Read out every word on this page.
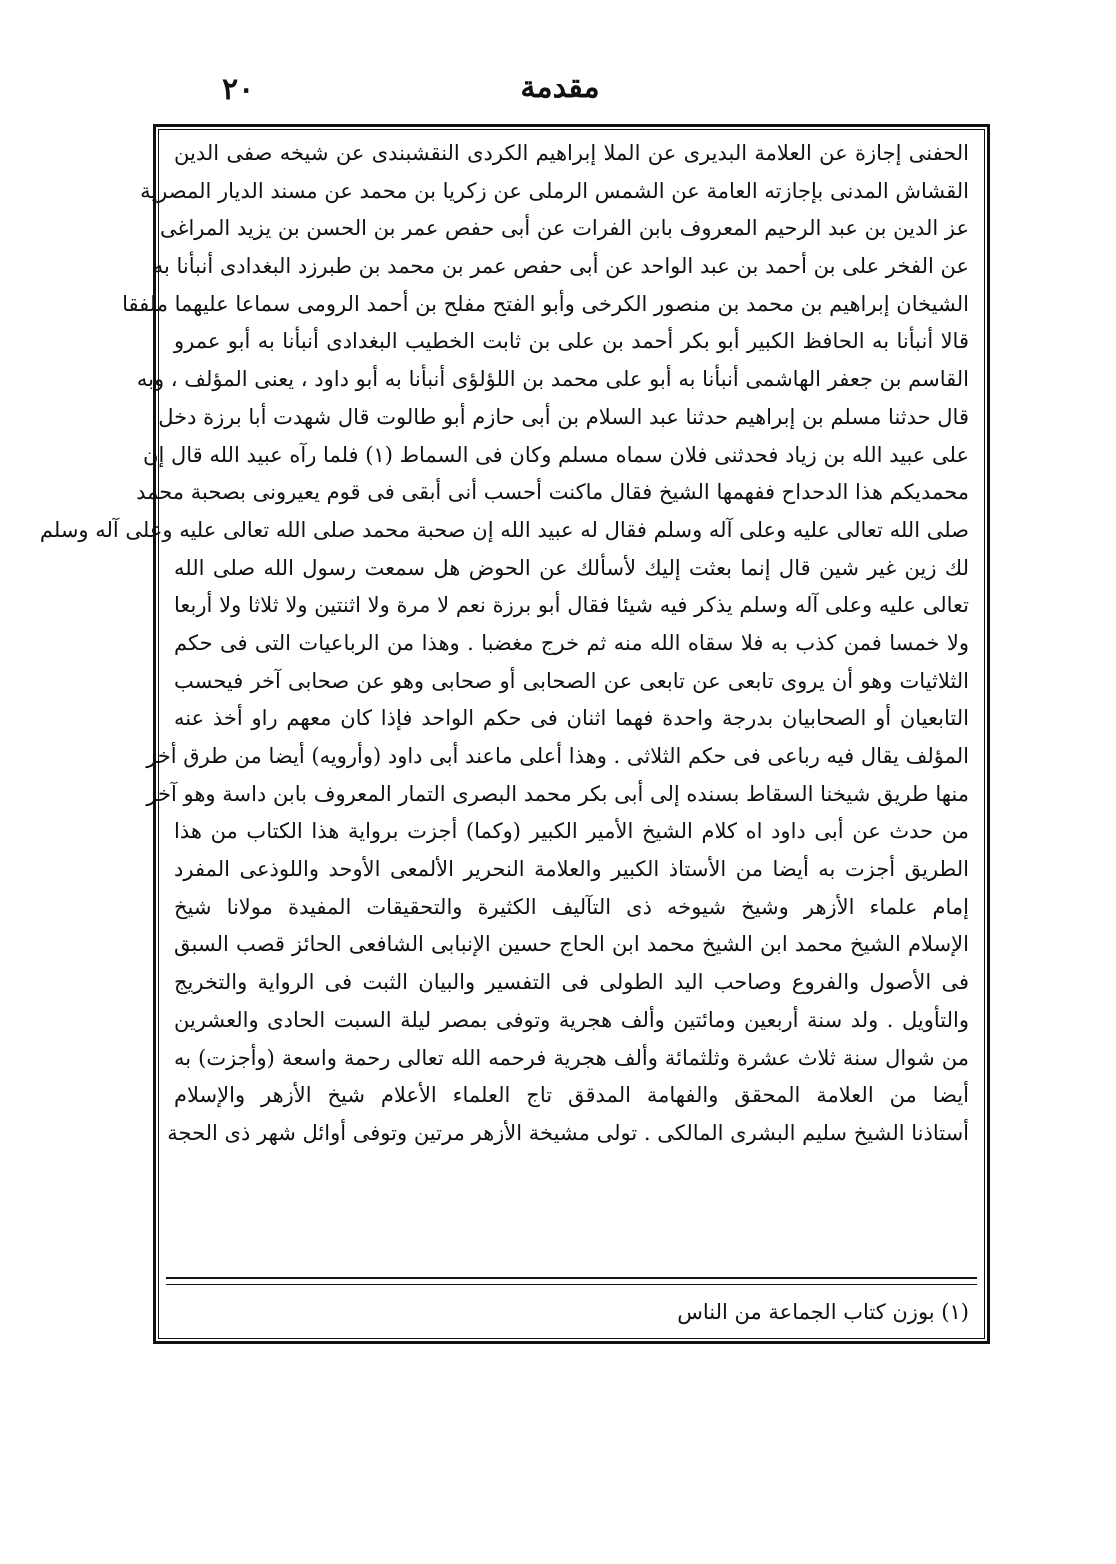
٢٠	مقدمة
الحفنى إجازة عن العلامة البديرى عن الملا إبراهيم الكردى النقشبندى عن شيخه صفى الدين
القشاش المدنى بإجازته العامة عن الشمس الرملى عن زكريا بن محمد عن مسند الديار المصرية
عز الدين بن عبد الرحيم المعروف بابن الفرات عن أبى حفص عمر بن الحسن بن يزيد المراغى
عن الفخر على بن أحمد بن عبد الواحد عن أبى حفص عمر بن محمد بن طبرزد البغدادى أنبأنا به
الشيخان إبراهيم بن محمد بن منصور الكرخى وأبو الفتح مفلح بن أحمد الرومى سماعا عليهما ملفقا
قالا أنبأنا به الحافظ الكبير أبو بكر أحمد بن على بن ثابت الخطيب البغدادى أنبأنا به أبو عمرو
القاسم بن جعفر الهاشمى أنبأنا به أبو على محمد بن اللؤلؤى أنبأنا به أبو داود ، يعنى المؤلف ، وبه
قال حدثنا مسلم بن إبراهيم حدثنا عبد السلام بن أبى حازم أبو طالوت قال شهدت أبا برزة دخل
على عبيد الله بن زياد فحدثنى فلان سماه مسلم وكان فى السماط (١) فلما رآه عبيد الله قال إن
محمديكم هذا الدحداح ففهمها الشيخ فقال ماكنت أحسب أنى أبقى فى قوم يعيرونى بصحبة محمد
صلى الله تعالى عليه وعلى آله وسلم فقال له عبيد الله إن صحبة محمد صلى الله تعالى عليه وعلى آله وسلم
لك زين غير شين قال إنما بعثت إليك لأسألك عن الحوض هل سمعت رسول الله صلى الله
تعالى عليه وعلى آله وسلم يذكر فيه شيئا فقال أبو برزة نعم لا مرة ولا اثنتين ولا ثلاثا ولا أربعا
ولا خمسا فمن كذب به فلا سقاه الله منه ثم خرج مغضبا . وهذا من الرباعيات التى فى حكم
الثلاثيات وهو أن يروى تابعى عن تابعى عن الصحابى أو صحابى وهو عن صحابى آخر فيحسب
التابعيان أو الصحابيان بدرجة واحدة فهما اثنان فى حكم الواحد فإذا كان معهم راو أخذ عنه
المؤلف يقال فيه رباعى فى حكم الثلاثى . وهذا أعلى ماعند أبى داود (وأرويه) أيضا من طرق أخر
منها طريق شيخنا السقاط بسنده إلى أبى بكر محمد البصرى التمار المعروف بابن داسة وهو آخر
من حدث عن أبى داود اه كلام الشيخ الأمير الكبير (وكما) أجزت برواية هذا الكتاب من هذا
الطريق أجزت به أيضا من الأستاذ الكبير والعلامة النحرير الألمعى الأوحد واللوذعى المفرد
إمام علماء الأزهر وشيخ شيوخه ذى التآليف الكثيرة والتحقيقات المفيدة مولانا شيخ
الإسلام الشيخ محمد ابن الشيخ محمد ابن الحاج حسين الإنبابى الشافعى الحائز قصب السبق
فى الأصول والفروع وصاحب اليد الطولى فى التفسير والبيان الثبت فى الرواية والتخريج
والتأويل . ولد سنة أربعين ومائتين وألف هجرية وتوفى بمصر ليلة السبت الحادى والعشرين
من شوال سنة ثلاث عشرة وثلثمائة وألف هجرية فرحمه الله تعالى رحمة واسعة (وأجزت) به
أيضا من العلامة المحقق والفهامة المدقق تاج العلماء الأعلام شيخ الأزهر والإسلام
أستاذنا الشيخ سليم البشرى المالكى . تولى مشيخة الأزهر مرتين وتوفى أوائل شهر ذى الحجة
(١) بوزن كتاب الجماعة من الناس
